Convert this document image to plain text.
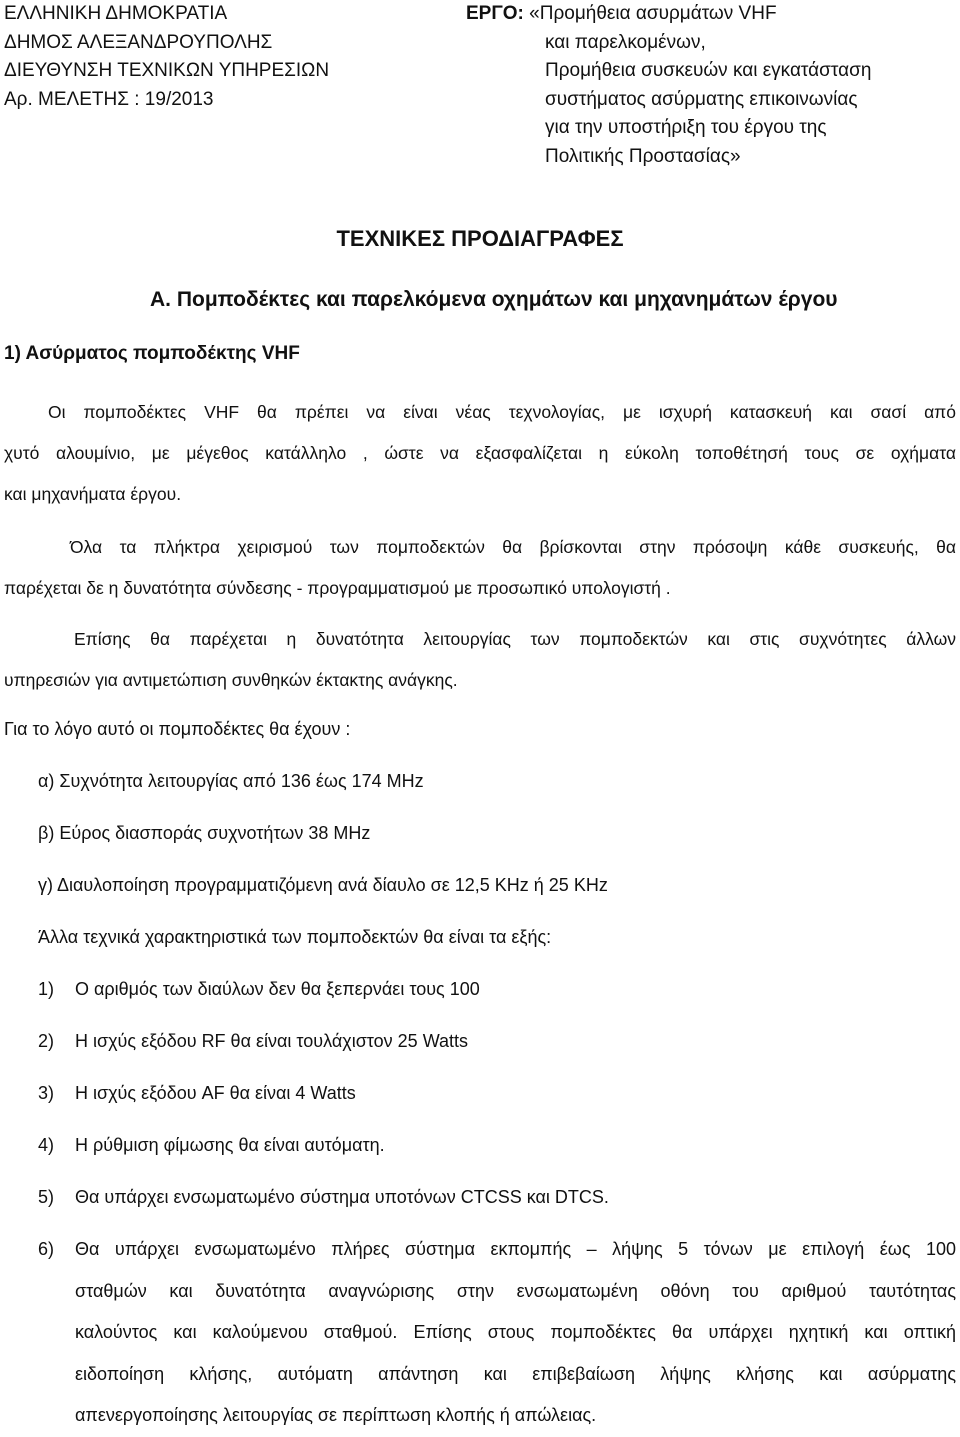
ΕΛΛΗΝΙΚΗ ΔΗΜΟΚΡΑΤΙΑ
ΔΗΜΟΣ ΑΛΕΞΑΝΔΡΟΥΠΟΛΗΣ
ΔΙΕΥΘΥΝΣΗ ΤΕΧΝΙΚΩΝ ΥΠΗΡΕΣΙΩΝ
Αρ. ΜΕΛΕΤΗΣ : 19/2013
ΕΡΓΟ: «Προμήθεια ασυρμάτων VHF
και παρελκομένων,
Προμήθεια συσκευών και εγκατάσταση
συστήματος ασύρματης επικοινωνίας
για την υποστήριξη του έργου της
Πολιτικής Προστασίας»
ΤΕΧΝΙΚΕΣ ΠΡΟΔΙΑΓΡΑΦΕΣ
Α. Πομποδέκτες και παρελκόμενα οχημάτων και μηχανημάτων έργου
1) Ασύρματος πομποδέκτης VHF
Οι πομποδέκτες VHF θα πρέπει να είναι νέας τεχνολογίας, με ισχυρή κατασκευή και σασί από
χυτό αλουμίνιο, με μέγεθος κατάλληλο , ώστε να εξασφαλίζεται η εύκολη τοποθέτησή τους σε οχήματα
και μηχανήματα έργου.
Όλα τα πλήκτρα χειρισμού των πομποδεκτών θα βρίσκονται στην πρόσοψη κάθε συσκευής, θα
παρέχεται δε η δυνατότητα σύνδεσης - προγραμματισμού με προσωπικό υπολογιστή .
Επίσης θα παρέχεται η δυνατότητα λειτουργίας των πομποδεκτών και στις συχνότητες άλλων
υπηρεσιών για αντιμετώπιση συνθηκών έκτακτης ανάγκης.
Για το λόγο αυτό οι πομποδέκτες θα έχουν :
α) Συχνότητα λειτουργίας από 136 έως 174 MHz
β) Εύρος διασποράς συχνοτήτων 38 MHz
γ) Διαυλοποίηση προγραμματιζόμενη ανά δίαυλο σε 12,5 KHz ή 25 KHz
Άλλα τεχνικά χαρακτηριστικά των πομποδεκτών θα είναι τα εξής:
1) Ο αριθμός των διαύλων δεν θα ξεπερνάει τους 100
2) Η ισχύς εξόδου RF θα είναι τουλάχιστον 25 Watts
3) Η ισχύς εξόδου AF θα είναι 4 Watts
4) Η ρύθμιση φίμωσης θα είναι αυτόματη.
5) Θα υπάρχει ενσωματωμένο σύστημα υποτόνων CTCSS και DTCS.
6) Θα υπάρχει ενσωματωμένο πλήρες σύστημα εκπομπής – λήψης 5 τόνων με επιλογή έως 100
σταθμών και δυνατότητα αναγνώρισης στην ενσωματωμένη οθόνη του αριθμού ταυτότητας
καλούντος και καλούμενου σταθμού. Επίσης στους πομποδέκτες θα υπάρχει ηχητική και οπτική
ειδοποίηση κλήσης, αυτόματη απάντηση και επιβεβαίωση λήψης κλήσης και ασύρματης
απενεργοποίησης λειτουργίας σε περίπτωση κλοπής ή απώλειας.
